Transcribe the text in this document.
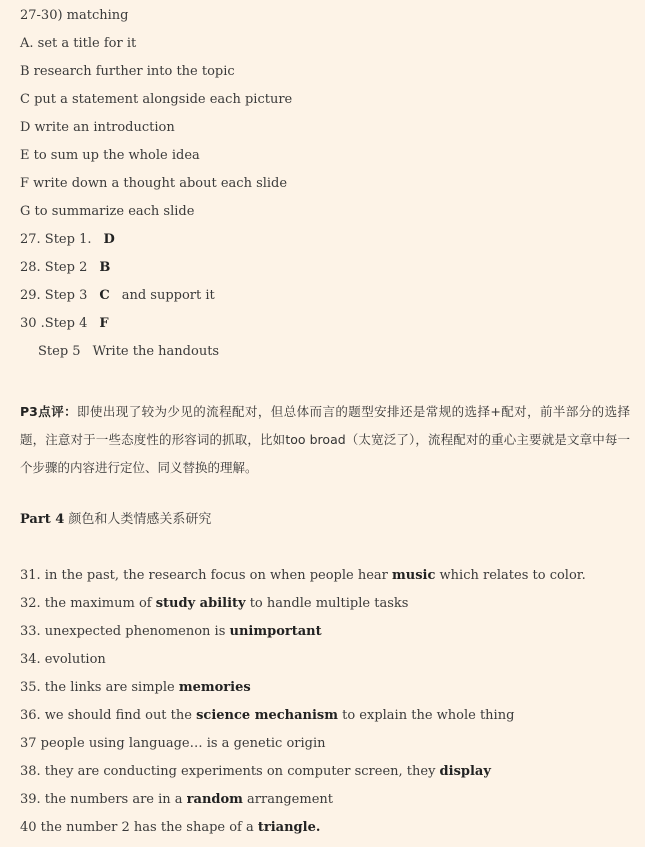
27-30) matching
A. set a title for it
B research further into the topic
C put a statement alongside each picture
D write an introduction
E to sum up the whole idea
F write down a thought about each slide
G to summarize each slide
27. Step 1. D
28. Step 2 B
29. Step 3 C and support it
30 .Step 4 F
Step 5 Write the handouts
P3点评：即使出现了较为少见的流程配对，但总体而言的题型安排还是常规的选择+配对，前半部分的选择题，注意对于一些态度性的形容词的抓取，比如too broad（太宽泛了），流程配对的重心主要就是文章中每一个步骤的内容进行定位、同义替换的理解。
Part 4 颜色和人类情感关系研究
31. in the past, the research focus on when people hear music which relates to color.
32. the maximum of study ability to handle multiple tasks
33. unexpected phenomenon is unimportant
34. evolution
35. the links are simple memories
36. we should find out the science mechanism to explain the whole thing
37 people using language… is a genetic origin
38. they are conducting experiments on computer screen, they display
39. the numbers are in a random arrangement
40 the number 2 has the shape of a triangle.
